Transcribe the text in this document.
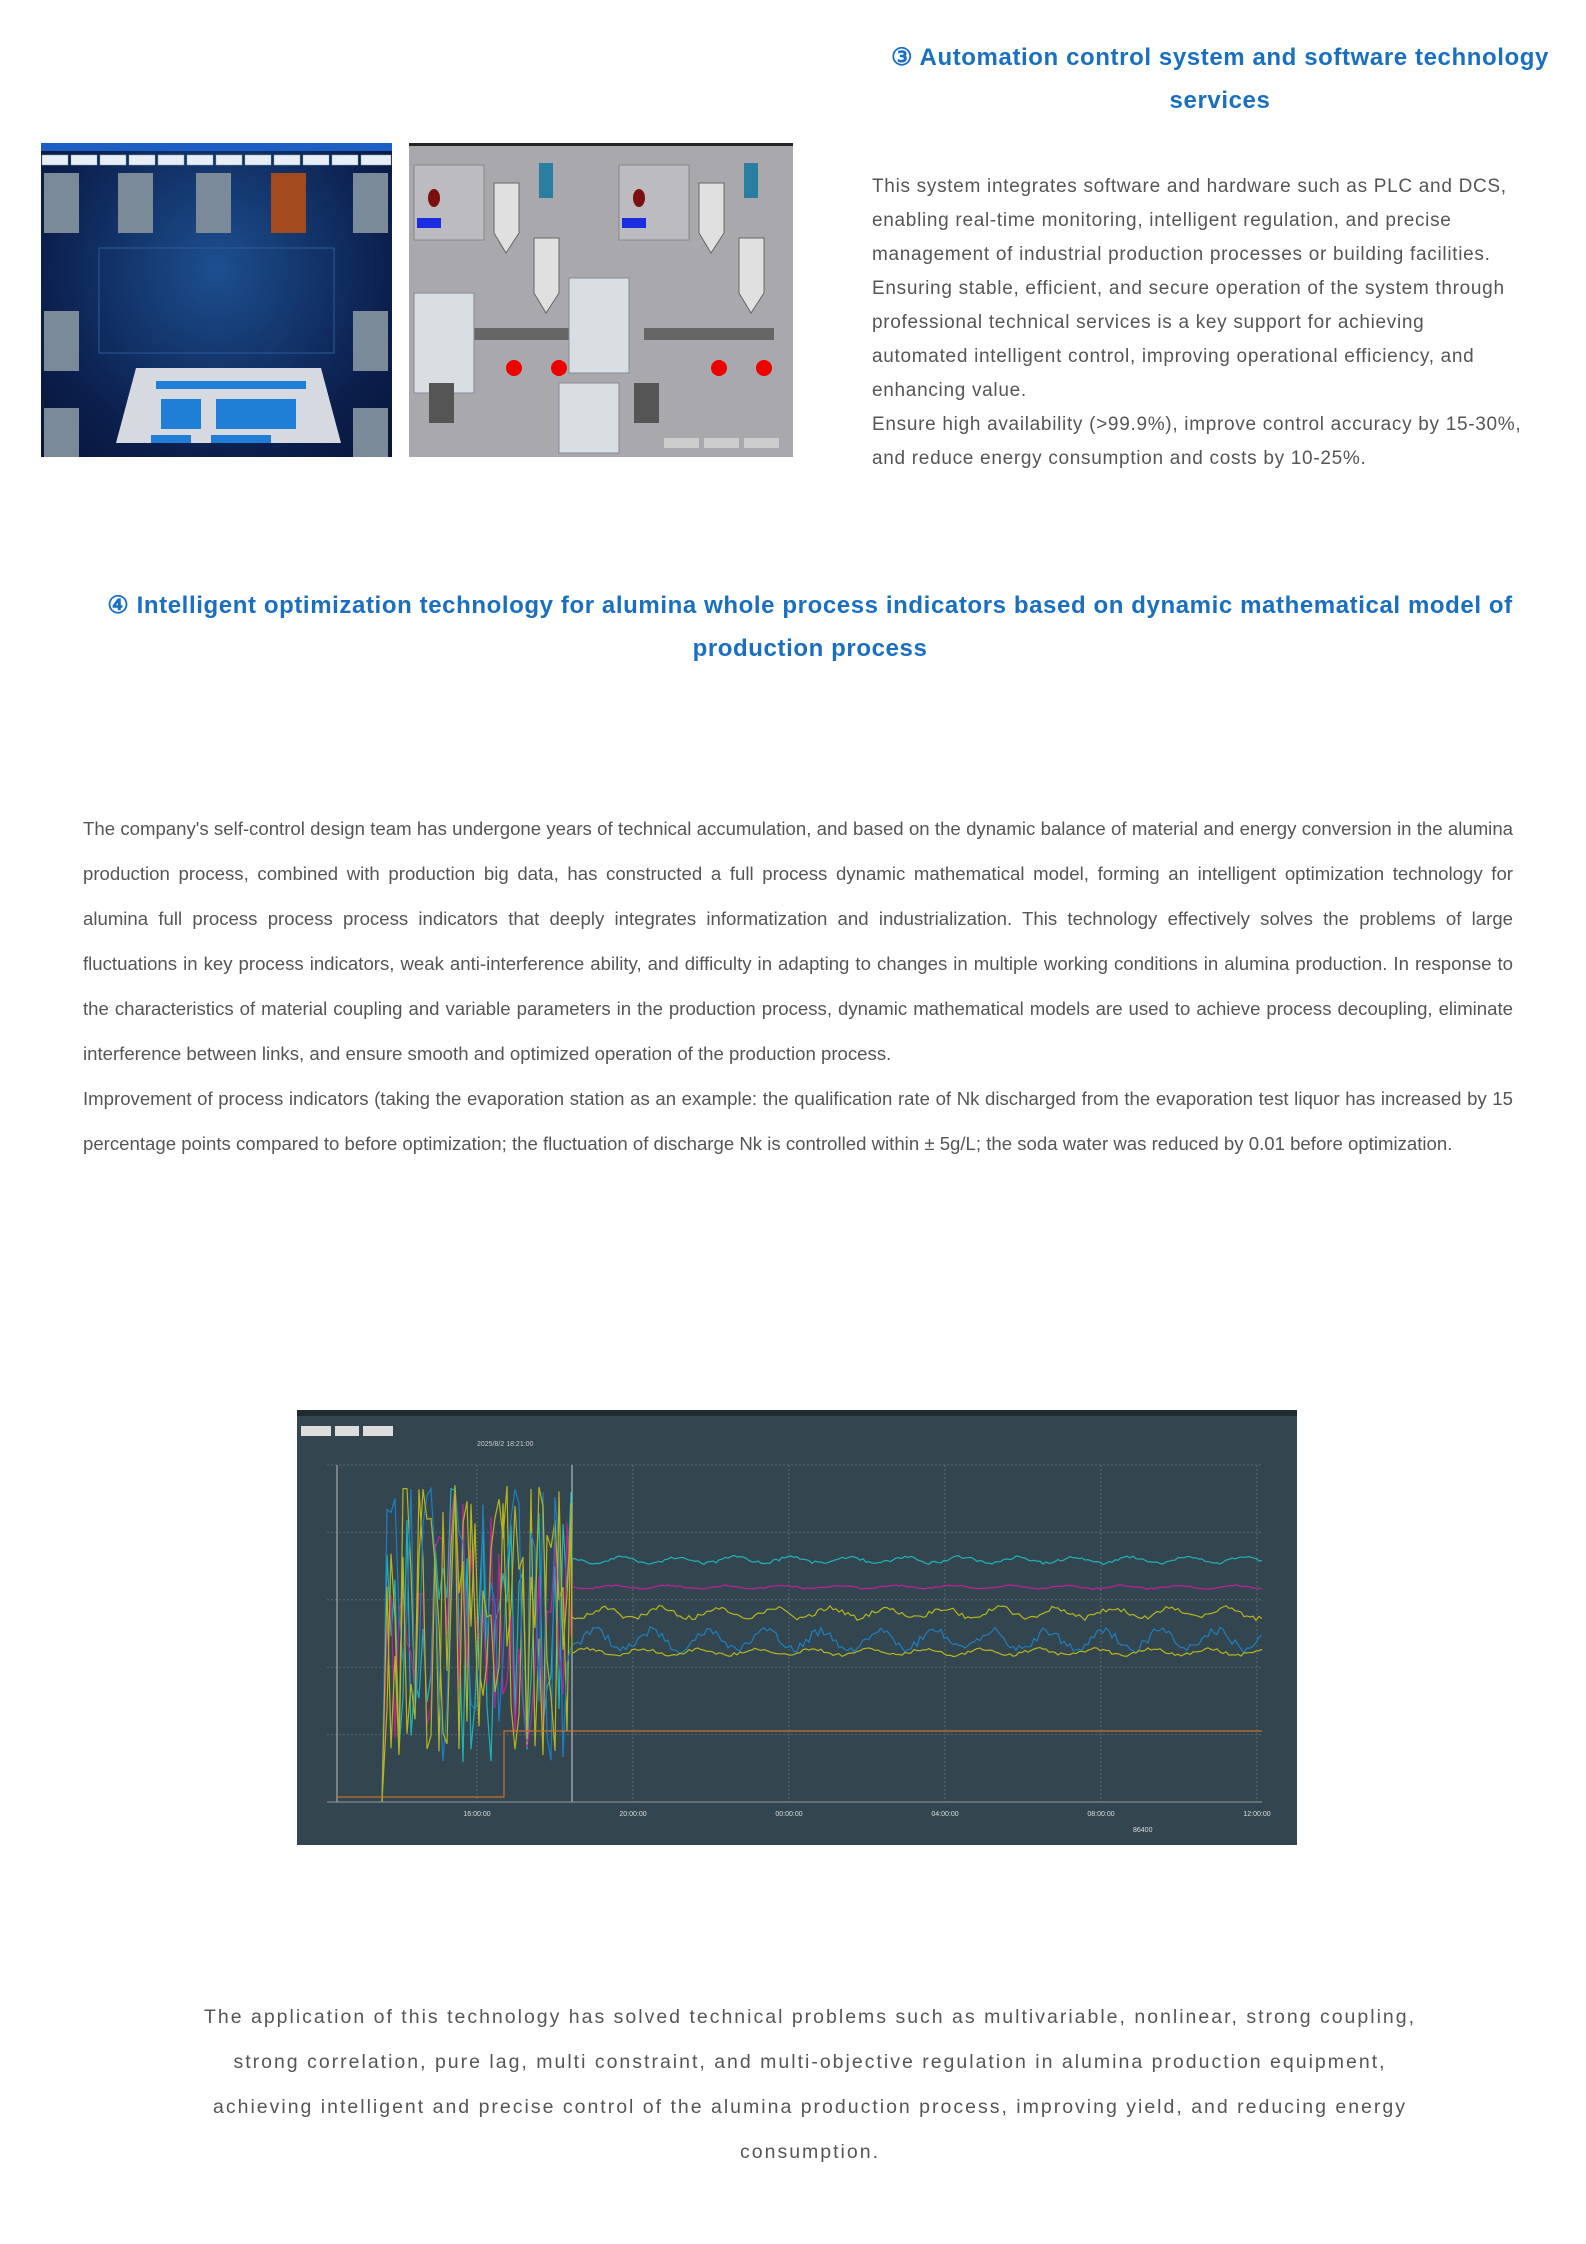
③ Automation control system and software technology services

This system integrates software and hardware such as PLC and DCS, enabling real-time monitoring, intelligent regulation, and precise management of industrial production processes or building facilities. Ensuring stable, efficient, and secure operation of the system through professional technical services is a key support for achieving automated intelligent control, improving operational efficiency, and enhancing value.

Ensure high availability (>99.9%), improve control accuracy by 15-30%, and reduce energy consumption and costs by 10-25%.

④ Intelligent optimization technology for alumina whole process indicators based on dynamic mathematical model of production process

The company's self-control design team has undergone years of technical accumulation, and based on the dynamic balance of material and energy conversion in the alumina production process, combined with production big data, has constructed a full process dynamic mathematical model, forming an intelligent optimization technology for alumina full process process process indicators that deeply integrates informatization and industrialization. This technology effectively solves the problems of large fluctuations in key process indicators, weak anti-interference ability, and difficulty in adapting to changes in multiple working conditions in alumina production. In response to the characteristics of material coupling and variable parameters in the production process, dynamic mathematical models are used to achieve process decoupling, eliminate interference between links, and ensure smooth and optimized operation of the production process.

Improvement of process indicators (taking the evaporation station as an example: the qualification rate of Nk discharged from the evaporation test liquor has increased by 15 percentage points compared to before optimization; the fluctuation of discharge Nk is controlled within ± 5g/L; the soda water was reduced by 0.01 before optimization.

2025/8/2 18:21:00
16:00:00	20:00:00	00:00:00	04:00:00	08:00:00	12:00:00
86400
The application of this technology has solved technical problems such as multivariable, nonlinear, strong coupling, strong correlation, pure lag, multi constraint, and multi-objective regulation in alumina production equipment, achieving intelligent and precise control of the alumina production process, improving yield, and reducing energy consumption.
